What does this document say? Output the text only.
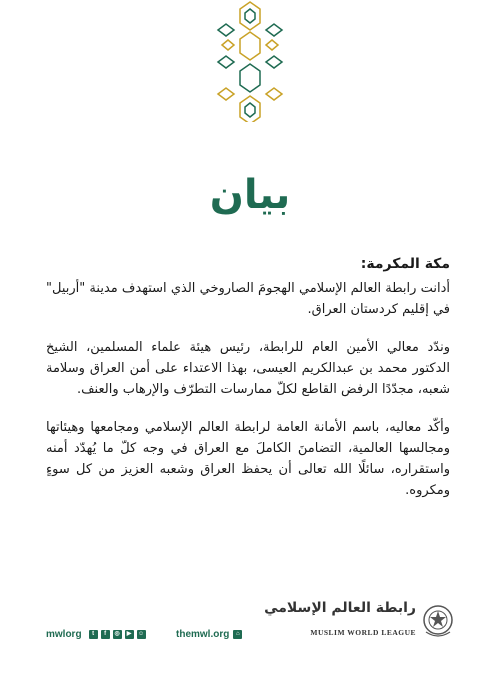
بيان

مكة المكرمة:

أدانت رابطة العالم الإسلامي الهجومَ الصاروخي الذي استهدف مدينة "أربيل" في إقليم كردستان العراق.

وندّد معالي الأمين العام للرابطة، رئيس هيئة علماء المسلمين، الشيخ الدكتور محمد بن عبدالكريم العيسى، بهذا الاعتداء على أمن العراق وسلامة شعبه، مجدّدًا الرفض القاطع لكلّ ممارسات التطرّف والإرهاب والعنف.

وأكّد معاليه، باسم الأمانة العامة لرابطة العالم الإسلامي ومجامعها وهيئاتها ومجالسها العالمية، التضامنَ الكاملَ مع العراق في وجه كلّ ما يُهدّد أمنه واستقراره، سائلًا الله تعالى أن يحفظ العراق وشعبه العزيز من كل سوءٍ ومكروه.

mwlorg	t	f	◎	▶	☺	themwl.org	⌂
رابطة العالم الإسلامي
MUSLIM WORLD LEAGUE
